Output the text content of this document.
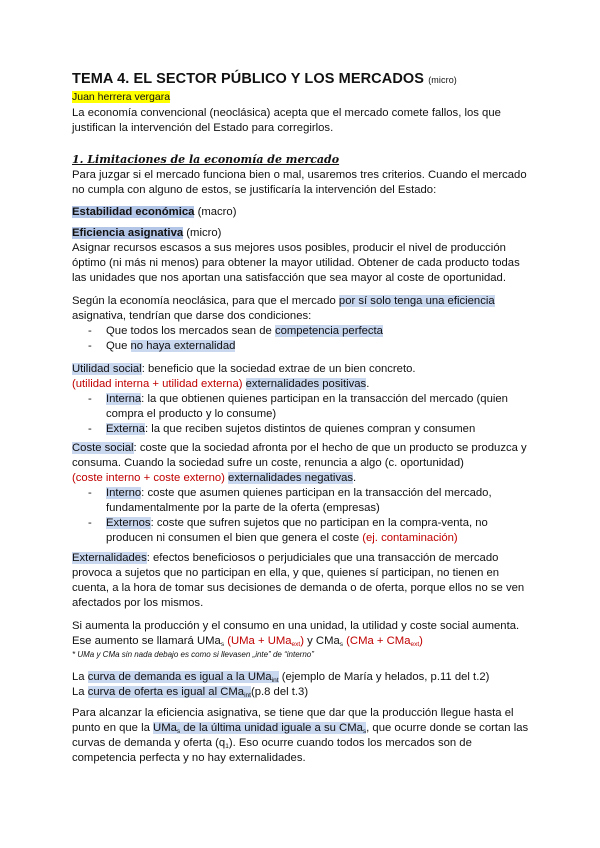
TEMA 4. EL SECTOR PÚBLICO Y LOS MERCADOS (micro)
Juan herrera vergara
La economía convencional (neoclásica) acepta que el mercado comete fallos, los que justifican la intervención del Estado para corregirlos.
1. Limitaciones de la economía de mercado
Para juzgar si el mercado funciona bien o mal, usaremos tres criterios. Cuando el mercado no cumpla con alguno de estos, se justificaría la intervención del Estado:
Estabilidad económica (macro)
Eficiencia asignativa (micro)
Asignar recursos escasos a sus mejores usos posibles, producir el nivel de producción óptimo (ni más ni menos) para obtener la mayor utilidad. Obtener de cada producto todas las unidades que nos aportan una satisfacción que sea mayor al coste de oportunidad.
Según la economía neoclásica, para que el mercado por sí solo tenga una eficiencia asignativa, tendrían que darse dos condiciones:
- Que todos los mercados sean de competencia perfecta
- Que no haya externalidad
Utilidad social: beneficio que la sociedad extrae de un bien concreto.
(utilidad interna + utilidad externa) externalidades positivas.
- Interna: la que obtienen quienes participan en la transacción del mercado (quien compra el producto y lo consume)
- Externa: la que reciben sujetos distintos de quienes compran y consumen
Coste social: coste que la sociedad afronta por el hecho de que un producto se produzca y consuma. Cuando la sociedad sufre un coste, renuncia a algo (c. oportunidad)
(coste interno + coste externo) externalidades negativas.
- Interno: coste que asumen quienes participan en la transacción del mercado, fundamentalmente por la parte de la oferta (empresas)
- Externos: coste que sufren sujetos que no participan en la compra-venta, no producen ni consumen el bien que genera el coste (ej. contaminación)
Externalidades: efectos beneficiosos o perjudiciales que una transacción de mercado provoca a sujetos que no participan en ella, y que, quienes sí participan, no tienen en cuenta, a la hora de tomar sus decisiones de demanda o de oferta, porque ellos no se ven afectados por los mismos.
Si aumenta la producción y el consumo en una unidad, la utilidad y coste social aumenta.
Ese aumento se llamará UMa$_s$ (UMa + UMa$_{ext}$) y CMa$_s$ (CMa + CMa$_{ext}$)
* UMa y CMa sin nada debajo es como si llevasen „inte” de “interno”
La curva de demanda es igual a la UMa$_{int}$ (ejemplo de María y helados, p.11 del t.2)
La curva de oferta es igual al CMa$_{int}$(p.8 del t.3)
Para alcanzar la eficiencia asignativa, se tiene que dar que la producción llegue hasta el punto en que la UMa$_s$ de la última unidad iguale a su CMa$_s$, que ocurre donde se cortan las curvas de demanda y oferta $(q_1)$. Eso ocurre cuando todos los mercados son de competencia perfecta y no hay externalidades.
